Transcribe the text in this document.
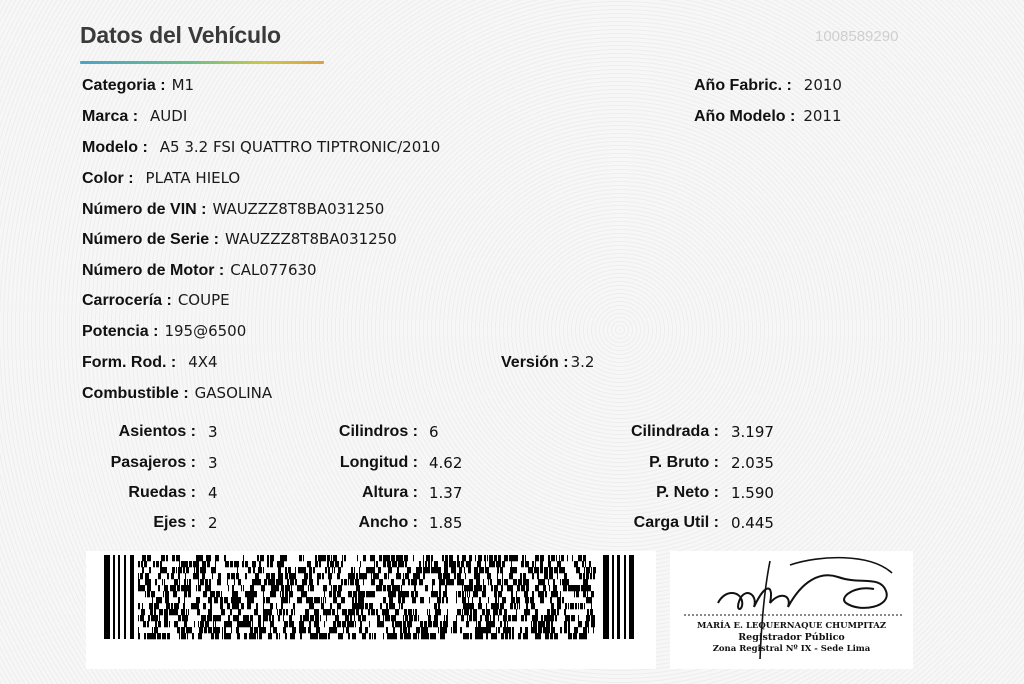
Datos del Vehículo	1008589290
Categoria : M1
Marca : AUDI
Modelo : A5 3.2 FSI QUATTRO TIPTRONIC/2010
Color : PLATA HIELO
Número de VIN : WAUZZZ8T8BA031250
Número de Serie : WAUZZZ8T8BA031250
Número de Motor : CAL077630
Carrocería : COUPE
Potencia : 195@6500
Form. Rod. : 4X4	Versión : 3.2
Combustible : GASOLINA
Año Fabric. : 2010
Año Modelo : 2011
Asientos : 3
Pasajeros : 3
Ruedas : 4
Ejes : 2
Cilindros : 6
Longitud : 4.62
Altura : 1.37
Ancho : 1.85
Cilindrada : 3.197
P. Bruto : 2.035
P. Neto : 1.590
Carga Util : 0.445
MARÍA E. LEQUERNAQUE CHUMPITAZ
Registrador Público
Zona Registral Nº IX - Sede Lima
